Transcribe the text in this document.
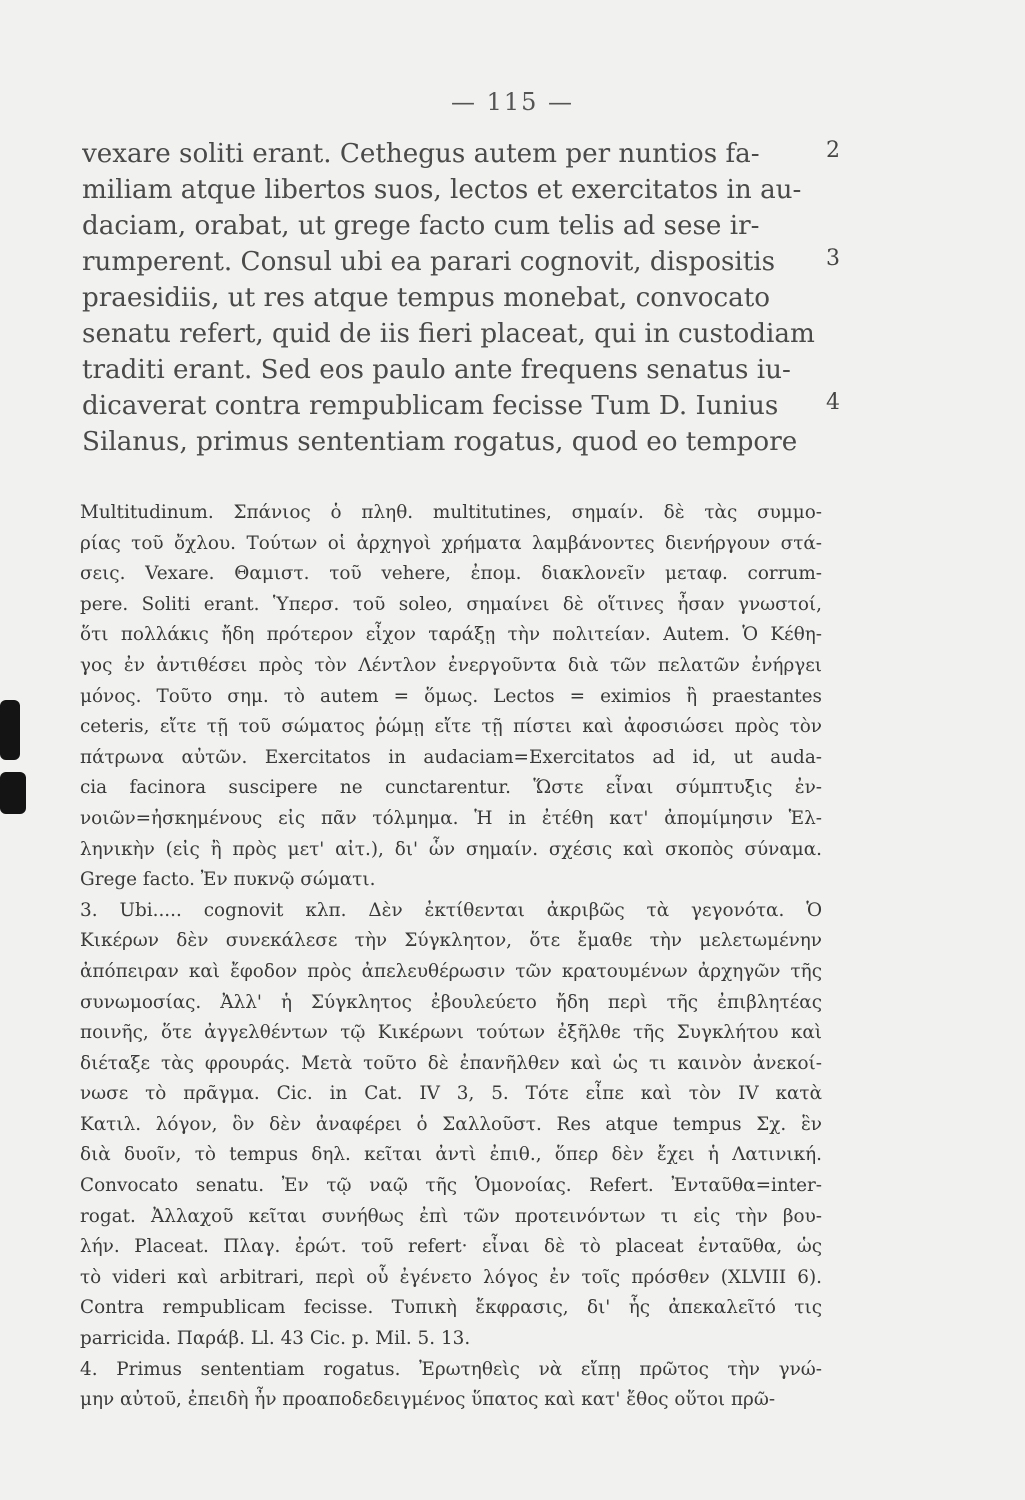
— 115 —
vexare soliti erant. Cethegus autem per nuntios fa-
miliam atque libertos suos, lectos et exercitatos in au-
daciam, orabat, ut grege facto cum telis ad sese ir-
rumperent. Consul ubi ea parari cognovit, dispositis
praesidiis, ut res atque tempus monebat, convocato
senatu refert, quid de iis fieri placeat, qui in custodiam
traditi erant. Sed eos paulo ante frequens senatus iu-
dicaverat contra rempublicam fecisse Tum D. Iunius
Silanus, primus sententiam rogatus, quod eo tempore
2
3
4
Multitudinum. Σπάνιος ὁ πληθ. multitutines, σημαίν. δὲ τὰς συμμο-
ρίας τοῦ ὄχλου. Τούτων οἱ ἀρχηγοὶ χρήματα λαμβάνοντες διενήργουν στά-
σεις. Vexare. Θαμιστ. τοῦ vehere, ἐπομ. διακλονεῖν μεταφ. corrum-
pere. Soliti erant. Ὑπερσ. τοῦ soleo, σημαίνει δὲ οἵτινες ἦσαν γνωστοί,
ὅτι πολλάκις ἤδη πρότερον εἶχον ταράξῃ τὴν πολιτείαν. Autem. Ὁ Κέθη-
γος ἐν ἀντιθέσει πρὸς τὸν Λέντλον ἐνεργοῦντα διὰ τῶν πελατῶν ἐνήργει
μόνος. Τοῦτο σημ. τὸ autem = ὅμως. Lectos = eximios ἢ praestantes
ceteris, εἴτε τῇ τοῦ σώματος ῥώμῃ εἴτε τῇ πίστει καὶ ἀφοσιώσει πρὸς τὸν
πάτρωνα αὐτῶν. Exercitatos in audaciam=Exercitatos ad id, ut auda-
cia facinora suscipere ne cunctarentur. Ὥστε εἶναι σύμπτυξις ἐν-
νοιῶν=ἠσκημένους εἰς πᾶν τόλμημα. Ἡ in ἐτέθη κατ' ἀπομίμησιν Ἑλ-
ληνικὴν (εἰς ἢ πρὸς μετ' αἰτ.), δι' ὧν σημαίν. σχέσις καὶ σκοπὸς σύναμα.
Grege facto. Ἐν πυκνῷ σώματι.
3. Ubi..... cognovit κλπ. Δὲν ἐκτίθενται ἀκριβῶς τὰ γεγονότα. Ὁ
Κικέρων δὲν συνεκάλεσε τὴν Σύγκλητον, ὅτε ἔμαθε τὴν μελετωμένην
ἀπόπειραν καὶ ἔφοδον πρὸς ἀπελευθέρωσιν τῶν κρατουμένων ἀρχηγῶν τῆς
συνωμοσίας. Ἀλλ' ἡ Σύγκλητος ἐβουλεύετο ἤδη περὶ τῆς ἐπιβλητέας
ποινῆς, ὅτε ἀγγελθέντων τῷ Κικέρωνι τούτων ἐξῆλθε τῆς Συγκλήτου καὶ
διέταξε τὰς φρουράς. Μετὰ τοῦτο δὲ ἐπανῆλθεν καὶ ὡς τι καινὸν ἀνεκοί-
νωσε τὸ πρᾶγμα. Cic. in Cat. IV 3, 5. Τότε εἶπε καὶ τὸν IV κατὰ
Κατιλ. λόγον, ὃν δὲν ἀναφέρει ὁ Σαλλοῦστ. Res atque tempus Σχ. ἓν
διὰ δυοῖν, τὸ tempus δηλ. κεῖται ἀντὶ ἐπιθ., ὅπερ δὲν ἔχει ἡ Λατινική.
Convocato senatu. Ἐν τῷ ναῷ τῆς Ὁμονοίας. Refert. Ἐνταῦθα=inter-
rogat. Ἀλλαχοῦ κεῖται συνήθως ἐπὶ τῶν προτεινόντων τι εἰς τὴν βου-
λήν. Placeat. Πλαγ. ἐρώτ. τοῦ refert· εἶναι δὲ τὸ placeat ἐνταῦθα, ὡς
τὸ videri καὶ arbitrari, περὶ οὗ ἐγένετο λόγος ἐν τοῖς πρόσθεν (XLVIII 6).
Contra rempublicam fecisse. Τυπικὴ ἔκφρασις, δι' ἧς ἀπεκαλεῖτό τις
parricida. Παράβ. Ll. 43 Cic. p. Mil. 5. 13.
4. Primus sententiam rogatus. Ἐρωτηθεὶς νὰ εἴπῃ πρῶτος τὴν γνώ-
μην αὐτοῦ, ἐπειδὴ ἦν προαποδεδειγμένος ὕπατος καὶ κατ' ἔθος οὕτοι πρῶ-
